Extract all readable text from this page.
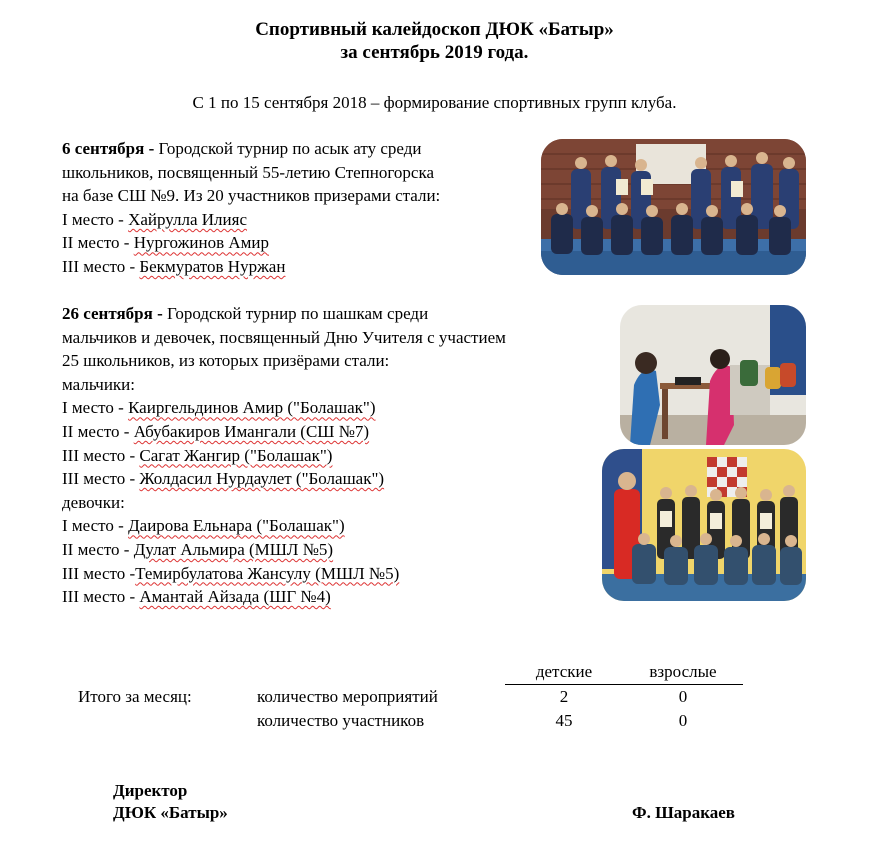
Спортивный калейдоскоп ДЮК «Батыр»
за сентябрь 2019 года.
С 1 по 15 сентября 2018 – формирование спортивных групп клуба.
6 сентября - Городской турнир по асык ату среди
школьников, посвященный 55-летию Степногорска
на базе СШ №9. Из 20 участников призерами стали:
I место - Хайрулла Илияс
II место - Нургожинов Амир
III место - Бекмуратов Нуржан
26 сентября - Городской турнир по шашкам среди
мальчиков и девочек, посвященный Дню Учителя с участием
25 школьников, из которых призёрами стали:
мальчики:
I место - Каиргельдинов Амир ("Болашак")
II место - Абубакиров Имангали (СШ №7)
III место - Сагат Жангир ("Болашак")
III место - Жолдасил Нурдаулет ("Болашак")
девочки:
I место - Даирова Ельнара ("Болашак")
II место - Дулат Альмира (МШЛ №5)
III место -Темирбулатова Жансулу (МШЛ №5)
III место - Амантай Айзада (ШГ №4)
		детские	взрослые
Итого за месяц:	количество мероприятий	2	0
	количество участников	45	0
Директор
ДЮК «Батыр»	Ф. Шаракаев
